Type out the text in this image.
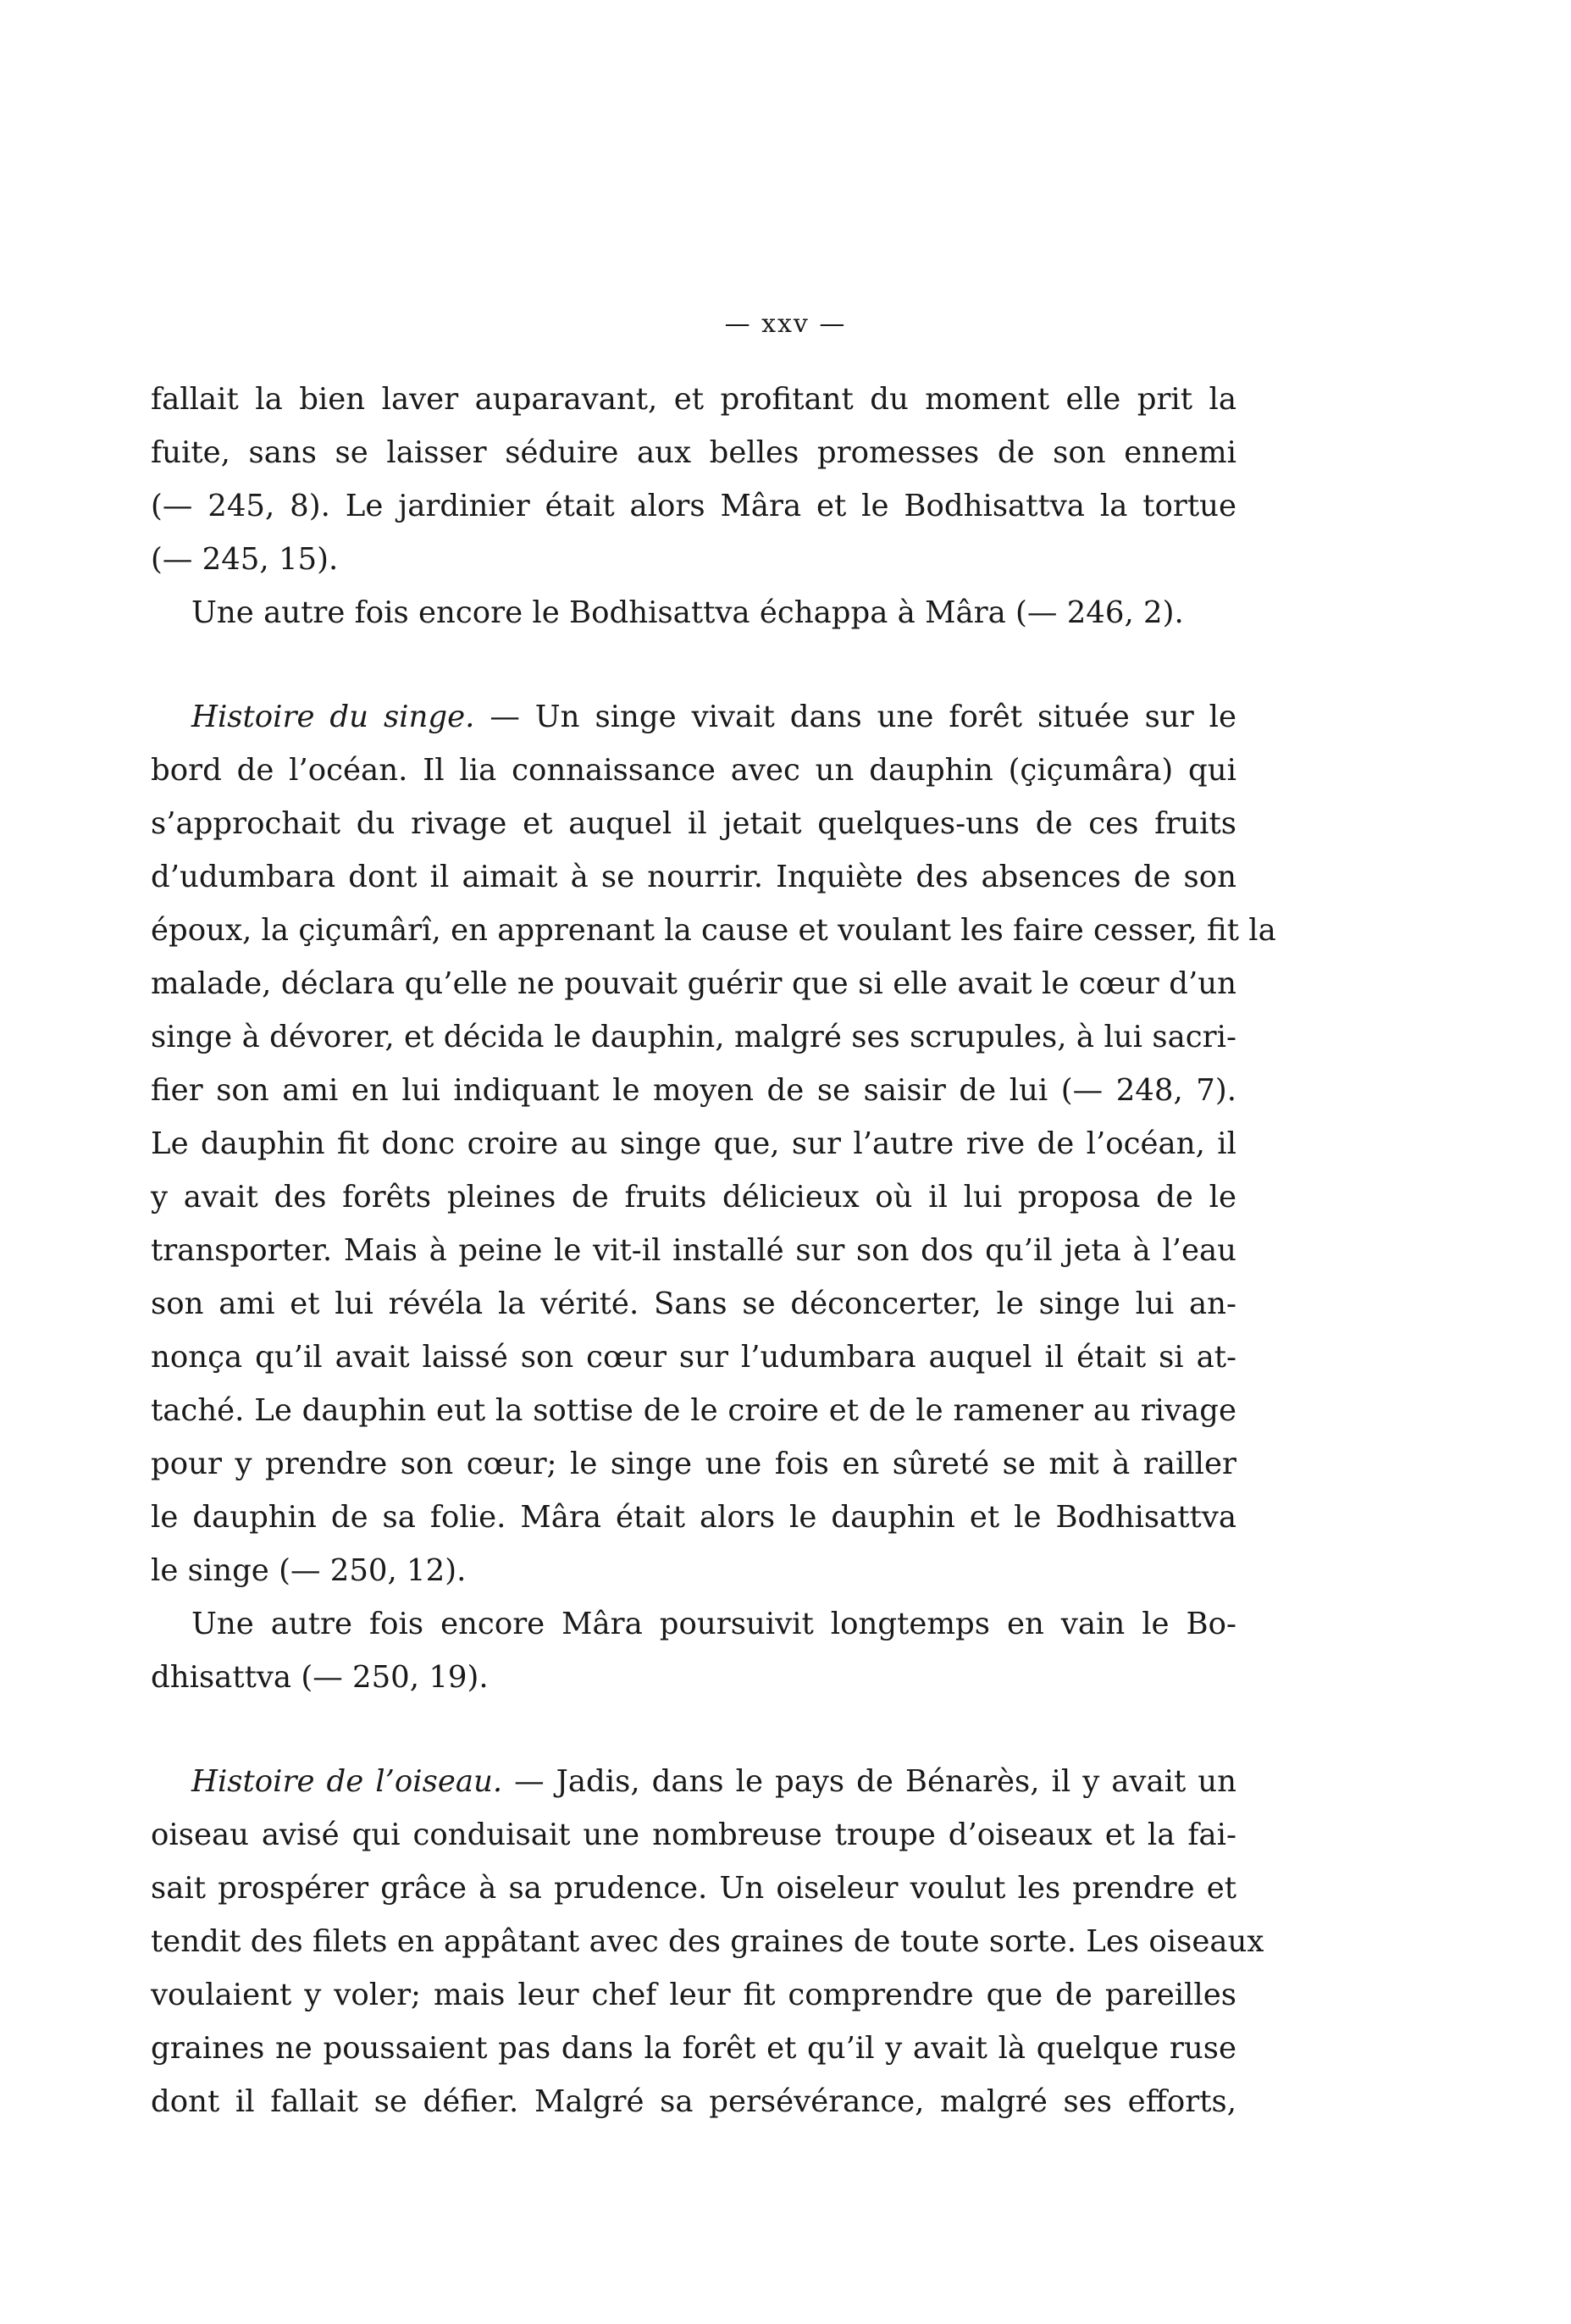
— xxv —
fallait la bien laver auparavant, et profitant du moment elle prit la
fuite, sans se laisser séduire aux belles promesses de son ennemi
(— 245, 8). Le jardinier était alors Mâra et le Bodhisattva la tortue
(— 245, 15).
Une autre fois encore le Bodhisattva échappa à Mâra (— 246, 2).
Histoire du singe. — Un singe vivait dans une forêt située sur le
bord de l’océan. Il lia connaissance avec un dauphin (çiçumâra) qui
s’approchait du rivage et auquel il jetait quelques-uns de ces fruits
d’udumbara dont il aimait à se nourrir. Inquiète des absences de son
époux, la çiçumârî, en apprenant la cause et voulant les faire cesser, fit la
malade, déclara qu’elle ne pouvait guérir que si elle avait le cœur d’un
singe à dévorer, et décida le dauphin, malgré ses scrupules, à lui sacri-
fier son ami en lui indiquant le moyen de se saisir de lui (— 248, 7).
Le dauphin fit donc croire au singe que, sur l’autre rive de l’océan, il
y avait des forêts pleines de fruits délicieux où il lui proposa de le
transporter. Mais à peine le vit-il installé sur son dos qu’il jeta à l’eau
son ami et lui révéla la vérité. Sans se déconcerter, le singe lui an-
nonça qu’il avait laissé son cœur sur l’udumbara auquel il était si at-
taché. Le dauphin eut la sottise de le croire et de le ramener au rivage
pour y prendre son cœur; le singe une fois en sûreté se mit à railler
le dauphin de sa folie. Mâra était alors le dauphin et le Bodhisattva
le singe (— 250, 12).
Une autre fois encore Mâra poursuivit longtemps en vain le Bo-
dhisattva (— 250, 19).
Histoire de l’oiseau. — Jadis, dans le pays de Bénarès, il y avait un
oiseau avisé qui conduisait une nombreuse troupe d’oiseaux et la fai-
sait prospérer grâce à sa prudence. Un oiseleur voulut les prendre et
tendit des filets en appâtant avec des graines de toute sorte. Les oiseaux
voulaient y voler; mais leur chef leur fit comprendre que de pareilles
graines ne poussaient pas dans la forêt et qu’il y avait là quelque ruse
dont il fallait se défier. Malgré sa persévérance, malgré ses efforts,
